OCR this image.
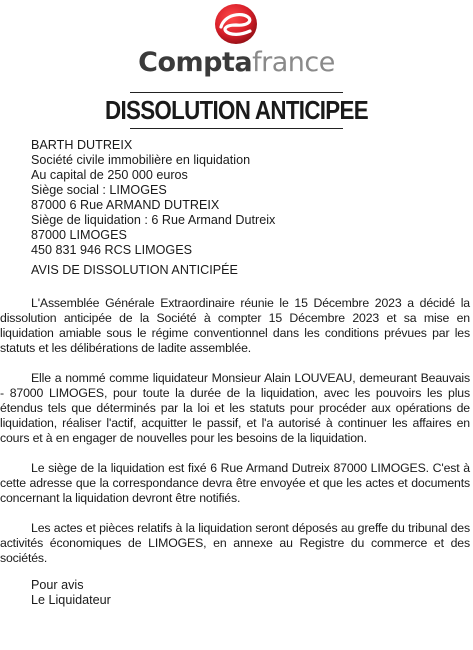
Comptafrance
DISSOLUTION ANTICIPEE
BARTH DUTREIX
Société civile immobilière en liquidation
Au capital de 250 000 euros
Siège social : LIMOGES
87000 6 Rue ARMAND DUTREIX
Siège de liquidation : 6 Rue Armand Dutreix
87000 LIMOGES
450 831 946 RCS LIMOGES
AVIS DE DISSOLUTION ANTICIPÉE
L'Assemblée Générale Extraordinaire réunie le 15 Décembre 2023 a décidé la dissolution anticipée de la Société à compter 15 Décembre 2023 et sa mise en liquidation amiable sous le régime conventionnel dans les conditions prévues par les statuts et les délibérations de ladite assemblée.
Elle a nommé comme liquidateur Monsieur Alain LOUVEAU, demeurant Beauvais - 87000 LIMOGES, pour toute la durée de la liquidation, avec les pouvoirs les plus étendus tels que déterminés par la loi et les statuts pour procéder aux opérations de liquidation, réaliser l'actif, acquitter le passif, et l'a autorisé à continuer les affaires en cours et à en engager de nouvelles pour les besoins de la liquidation.
Le siège de la liquidation est fixé 6 Rue Armand Dutreix 87000 LIMOGES. C'est à cette adresse que la correspondance devra être envoyée et que les actes et documents concernant la liquidation devront être notifiés.
Les actes et pièces relatifs à la liquidation seront déposés au greffe du tribunal des activités économiques de LIMOGES, en annexe au Registre du commerce et des sociétés.
Pour avis
Le Liquidateur
